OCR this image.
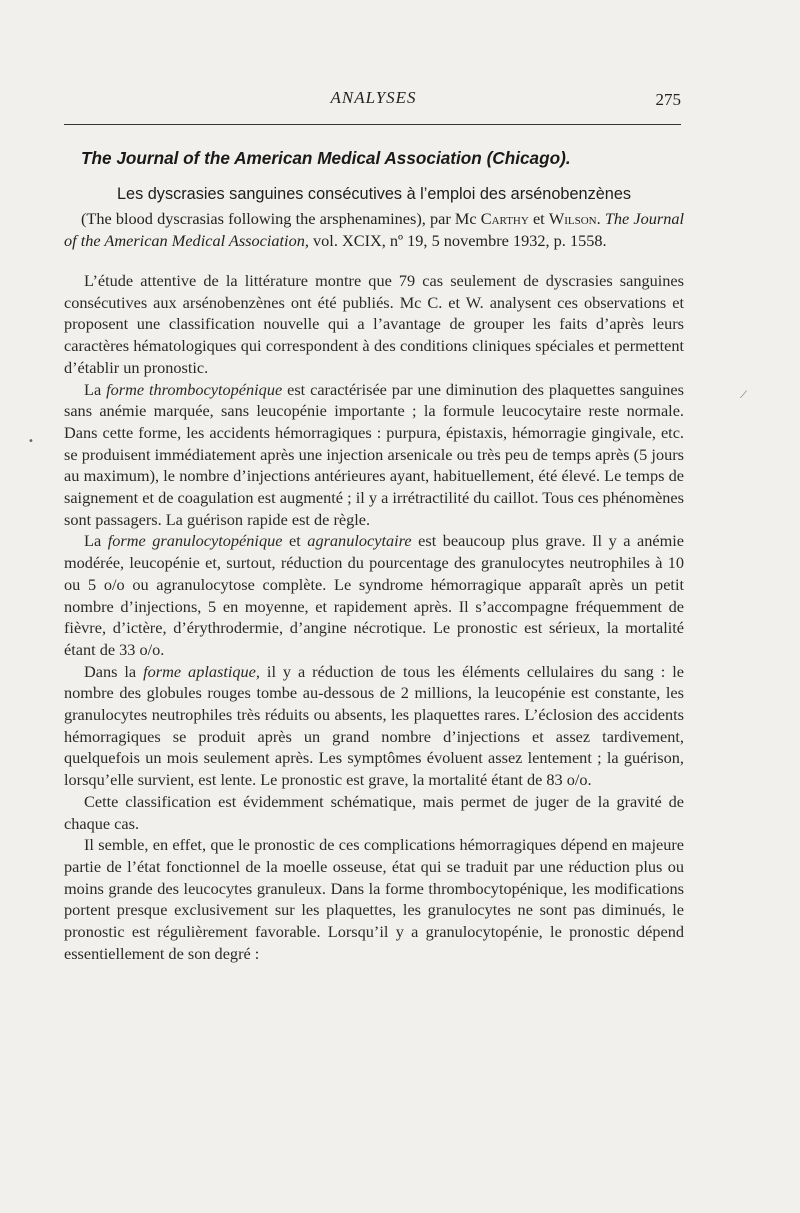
ANALYSES	275
The Journal of the American Medical Association (Chicago).
Les dyscrasies sanguines consécutives à l’emploi des arsénobenzènes
(The blood dyscrasias following the arsphenamines), par Mc Carthy et Wilson. The Journal of the American Medical Association, vol. XCIX, nº 19, 5 novembre 1932, p. 1558.

L’étude attentive de la littérature montre que 79 cas seulement de dyscrasies sanguines consécutives aux arsénobenzènes ont été publiés. Mc C. et W. analysent ces observations et proposent une classification nouvelle qui a l’avantage de grouper les faits d’après leurs caractères hématologiques qui correspondent à des conditions cliniques spéciales et permettent d’établir un pronostic.

La forme thrombocytopénique est caractérisée par une diminution des plaquettes sanguines sans anémie marquée, sans leucopénie importante ; la formule leucocytaire reste normale. Dans cette forme, les accidents hémorragiques : purpura, épistaxis, hémorragie gingivale, etc. se produisent immédiatement après une injection arsenicale ou très peu de temps après (5 jours au maximum), le nombre d’injections antérieures ayant, habituellement, été élevé. Le temps de saignement et de coagulation est augmenté ; il y a irrétractilité du caillot. Tous ces phénomènes sont passagers. La guérison rapide est de règle.

La forme granulocytopénique et agranulocytaire est beaucoup plus grave. Il y a anémie modérée, leucopénie et, surtout, réduction du pourcentage des granulocytes neutrophiles à 10 ou 5 o/o ou agranulocytose complète. Le syndrome hémorragique apparaît après un petit nombre d’injections, 5 en moyenne, et rapidement après. Il s’accompagne fréquemment de fièvre, d’ictère, d’érythrodermie, d’angine nécrotique. Le pronostic est sérieux, la mortalité étant de 33 o/o.

Dans la forme aplastique, il y a réduction de tous les éléments cellulaires du sang : le nombre des globules rouges tombe au-dessous de 2 millions, la leucopénie est constante, les granulocytes neutrophiles très réduits ou absents, les plaquettes rares. L’éclosion des accidents hémorragiques se produit après un grand nombre d’injections et assez tardivement, quelquefois un mois seulement après. Les symptômes évoluent assez lentement ; la guérison, lorsqu’elle survient, est lente. Le pronostic est grave, la mortalité étant de 83 o/o.

Cette classification est évidemment schématique, mais permet de juger de la gravité de chaque cas.

Il semble, en effet, que le pronostic de ces complications hémorragiques dépend en majeure partie de l’état fonctionnel de la moelle osseuse, état qui se traduit par une réduction plus ou moins grande des leucocytes granuleux. Dans la forme thrombocytopénique, les modifications portent presque exclusivement sur les plaquettes, les granulocytes ne sont pas diminués, le pronostic est régulièrement favorable. Lorsqu’il y a granulocytopénie, le pronostic dépend essentiellement de son degré :

⟋
•
